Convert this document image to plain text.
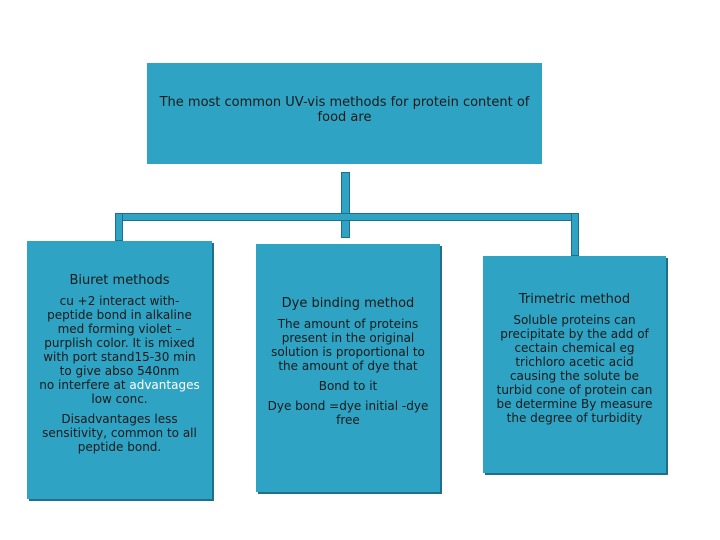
The most common UV-vis methods for protein content of food are
Biuret methods
cu +2 interact with-
peptide bond in alkaline
med forming violet –
purplish color. It is mixed
with port stand15-30 min
to give abso 540nm
no interfere at advantages
low conc.
Disadvantages less
sensitivity, common to all
peptide bond.
Dye binding method
The amount of proteins
present in the original
solution is proportional to
the amount of dye that
Bond to it
Dye bond =dye initial -dye
free
Trimetric method
Soluble proteins can
precipitate by the add of
cectain chemical eg
trichloro acetic acid
causing the solute be
turbid cone of protein can
be determine By measure
the degree of turbidity
